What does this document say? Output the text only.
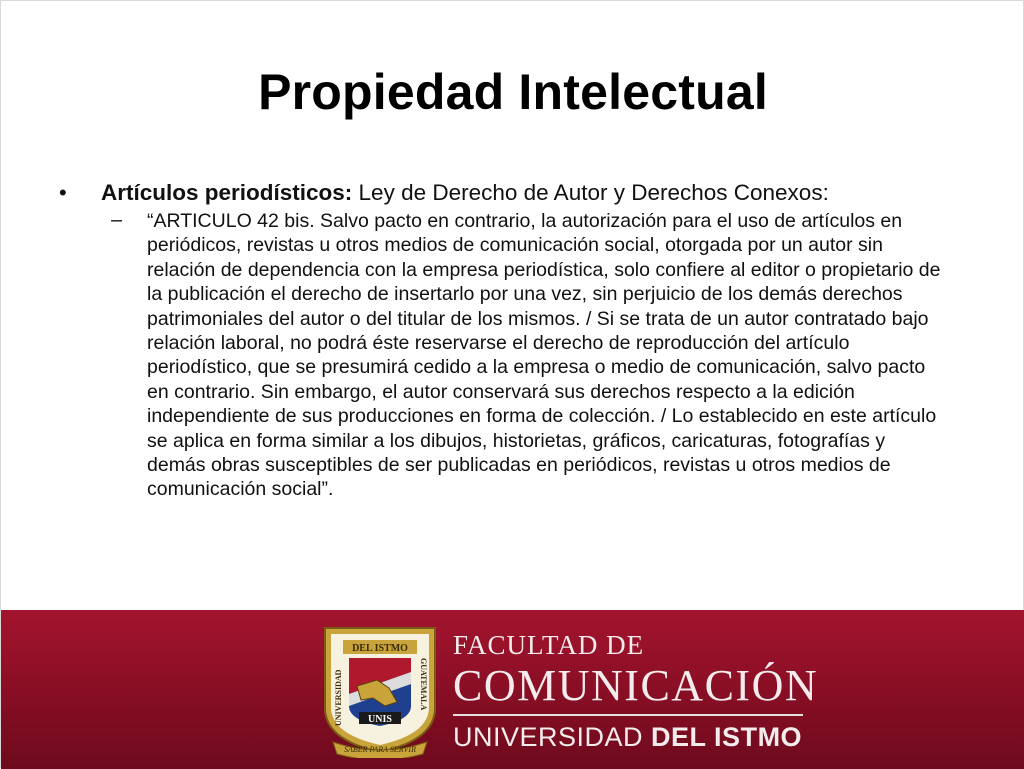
Propiedad Intelectual
•	Artículos periodísticos: Ley de Derecho de Autor y Derechos Conexos:
–	“ARTICULO 42 bis. Salvo pacto en contrario, la autorización para el uso de artículos en periódicos, revistas u otros medios de comunicación social, otorgada por un autor sin relación de dependencia con la empresa periodística, solo confiere al editor o propietario de la publicación el derecho de insertarlo por una vez, sin perjuicio de los demás derechos patrimoniales del autor o del titular de los mismos. / Si se trata de un autor contratado bajo relación laboral, no podrá éste reservarse el derecho de reproducción del artículo periodístico, que se presumirá cedido a la empresa o medio de comunicación, salvo pacto en contrario. Sin embargo, el autor conservará sus derechos respecto a la edición independiente de sus producciones en forma de colección. / Lo establecido en este artículo se aplica en forma similar a los dibujos, historietas, gráficos, caricaturas, fotografías y demás obras susceptibles de ser publicadas en periódicos, revistas u otros medios de comunicación social”.
DEL ISTMO
UNIS
UNIVERSIDAD	GUATEMALA
SABER PARA SERVIR
FACULTAD DE
COMUNICACIÓN
UNIVERSIDAD DEL ISTMO
